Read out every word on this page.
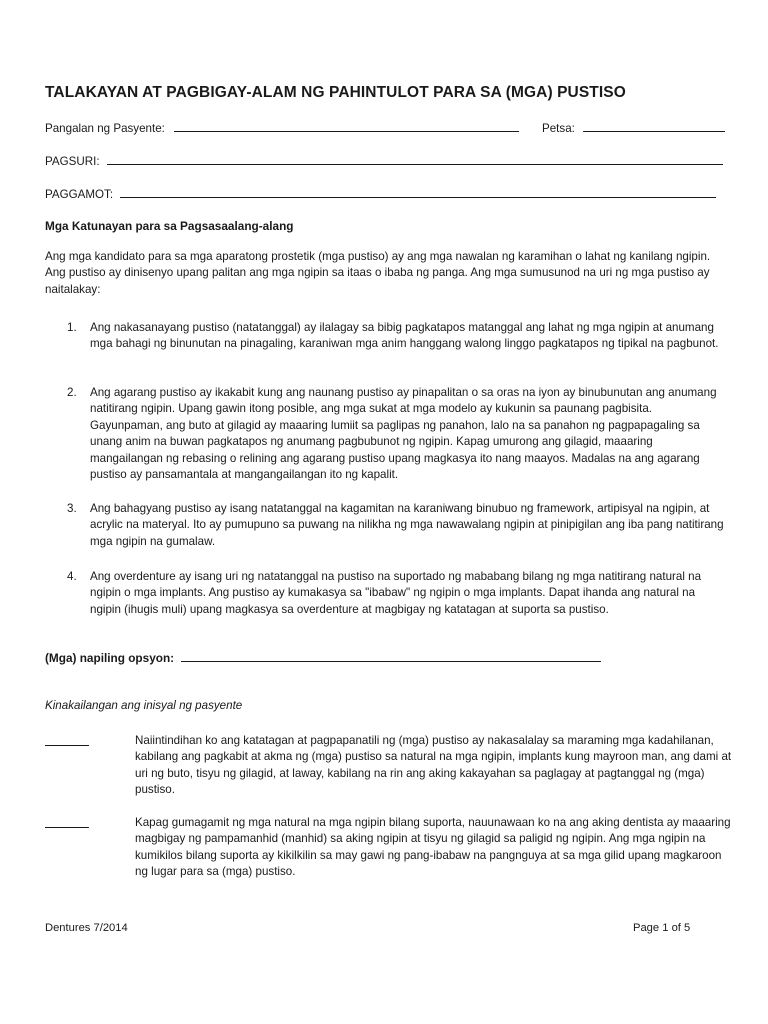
TALAKAYAN AT PAGBIGAY-ALAM NG PAHINTULOT PARA SA (MGA) PUSTISO
Pangalan ng Pasyente:	Petsa:
PAGSURI:
PAGGAMOT:
Mga Katunayan para sa Pagsasaalang-alang
Ang mga kandidato para sa mga aparatong prostetik (mga pustiso) ay ang mga nawalan ng karamihan o lahat ng kanilang ngipin. Ang pustiso ay dinisenyo upang palitan ang mga ngipin sa itaas o ibaba ng panga. Ang mga sumusunod na uri ng mga pustiso ay naitalakay:
1. Ang nakasanayang pustiso (natatanggal) ay ilalagay sa bibig pagkatapos matanggal ang lahat ng mga ngipin at anumang mga bahagi ng binunutan na pinagaling, karaniwan mga anim hanggang walong linggo pagkatapos ng tipikal na pagbunot.
2. Ang agarang pustiso ay ikakabit kung ang naunang pustiso ay pinapalitan o sa oras na iyon ay binubunutan ang anumang natitirang ngipin. Upang gawin itong posible, ang mga sukat at mga modelo ay kukunin sa paunang pagbisita. Gayunpaman, ang buto at gilagid ay maaaring lumiit sa paglipas ng panahon, lalo na sa panahon ng pagpapagaling sa unang anim na buwan pagkatapos ng anumang pagbubunot ng ngipin. Kapag umurong ang gilagid, maaaring mangailangan ng rebasing o relining ang agarang pustiso upang magkasya ito nang maayos. Madalas na ang agarang pustiso ay pansamantala at mangangailangan ito ng kapalit.
3. Ang bahagyang pustiso ay isang natatanggal na kagamitan na karaniwang binubuo ng framework, artipisyal na ngipin, at acrylic na materyal. Ito ay pumupuno sa puwang na nilikha ng mga nawawalang ngipin at pinipigilan ang iba pang natitirang mga ngipin na gumalaw.
4. Ang overdenture ay isang uri ng natatanggal na pustiso na suportado ng mababang bilang ng mga natitirang natural na ngipin o mga implants. Ang pustiso ay kumakasya sa "ibabaw" ng ngipin o mga implants. Dapat ihanda ang natural na ngipin (ihugis muli) upang magkasya sa overdenture at magbigay ng katatagan at suporta sa pustiso.
(Mga) napiling opsyon:
Kinakailangan ang inisyal ng pasyente
Naiintindihan ko ang katatagan at pagpapanatili ng (mga) pustiso ay nakasalalay sa maraming mga kadahilanan, kabilang ang pagkabit at akma ng (mga) pustiso sa natural na mga ngipin, implants kung mayroon man, ang dami at uri ng buto, tisyu ng gilagid, at laway, kabilang na rin ang aking kakayahan sa paglagay at pagtanggal ng (mga) pustiso.
Kapag gumagamit ng mga natural na mga ngipin bilang suporta, nauunawaan ko na ang aking dentista ay maaaring magbigay ng pampamanhid (manhid) sa aking ngipin at tisyu ng gilagid sa paligid ng ngipin. Ang mga ngipin na kumikilos bilang suporta ay kikilkilin sa may gawi ng pang-ibabaw na pangnguya at sa mga gilid upang magkaroon ng lugar para sa (mga) pustiso.
Dentures 7/2014	Page 1 of 5
